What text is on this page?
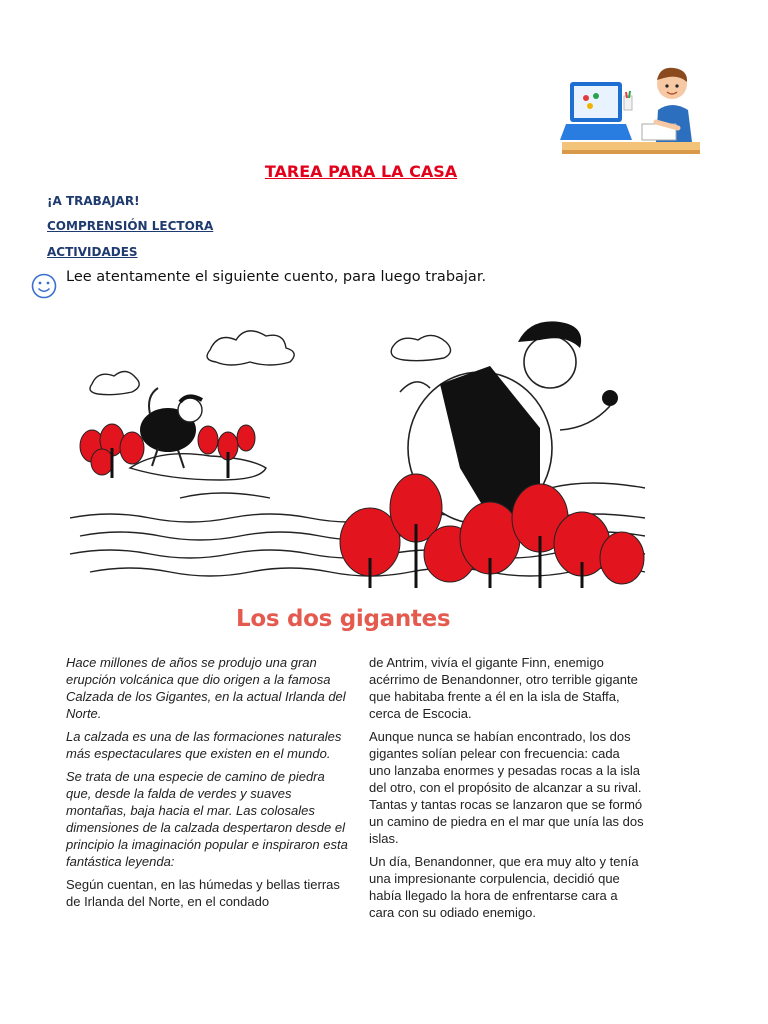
TAREA PARA LA CASA
¡A TRABAJAR!
COMPRENSIÓN LECTORA
ACTIVIDADES
Lee atentamente el siguiente cuento, para luego trabajar.
Los dos gigantes

Hace millones de años se produjo una gran erupción volcánica que dio origen a la famosa Calzada de los Gigantes, en la actual Irlanda del Norte.

La calzada es una de las formaciones naturales más espectaculares que existen en el mundo.

Se trata de una especie de camino de piedra que, desde la falda de verdes y suaves montañas, baja hacia el mar. Las colosales dimensiones de la calzada despertaron desde el principio la imaginación popular e inspiraron esta fantástica leyenda:

Según cuentan, en las húmedas y bellas tierras de Irlanda del Norte, en el condado

de Antrim, vivía el gigante Finn, enemigo acérrimo de Benandonner, otro terrible gigante que habitaba frente a él en la isla de Staffa, cerca de Escocia.

Aunque nunca se habían encontrado, los dos gigantes solían pelear con frecuencia: cada uno lanzaba enormes y pesadas rocas a la isla del otro, con el propósito de alcanzar a su rival. Tantas y tantas rocas se lanzaron que se formó un camino de piedra en el mar que unía las dos islas.

Un día, Benandonner, que era muy alto y tenía una impresionante corpulencia, decidió que había llegado la hora de enfrentarse cara a cara con su odiado enemigo.
